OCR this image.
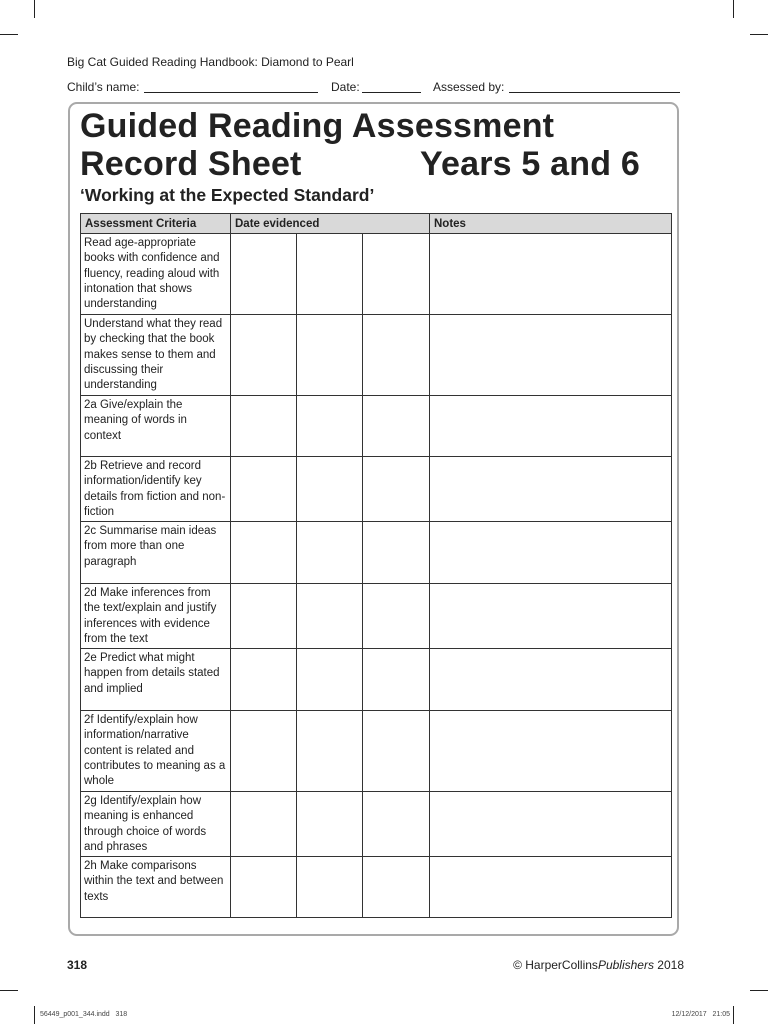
Big Cat Guided Reading Handbook: Diamond to Pearl
Child’s name:	Date:	Assessed by:
Guided Reading Assessment
Record Sheet	Years 5 and 6
‘Working at the Expected Standard’
Assessment Criteria	Date evidenced			Notes
Read age-appropriate books with confidence and fluency, reading aloud with intonation that shows understanding				
Understand what they read by checking that the book makes sense to them and discussing their understanding				
2a Give/explain the meaning of words in context				
2b Retrieve and record information/identify key details from fiction and non-fiction				
2c Summarise main ideas from more than one paragraph				
2d Make inferences from the text/explain and justify inferences with evidence from the text				
2e Predict what might happen from details stated and implied				
2f Identify/explain how information/narrative content is related and contributes to meaning as a whole				
2g Identify/explain how meaning is enhanced through choice of words and phrases				
2h Make comparisons within the text and between texts				
318	© HarperCollinsPublishers 2018
56449_p001_344.indd   318	12/12/2017   21:05
